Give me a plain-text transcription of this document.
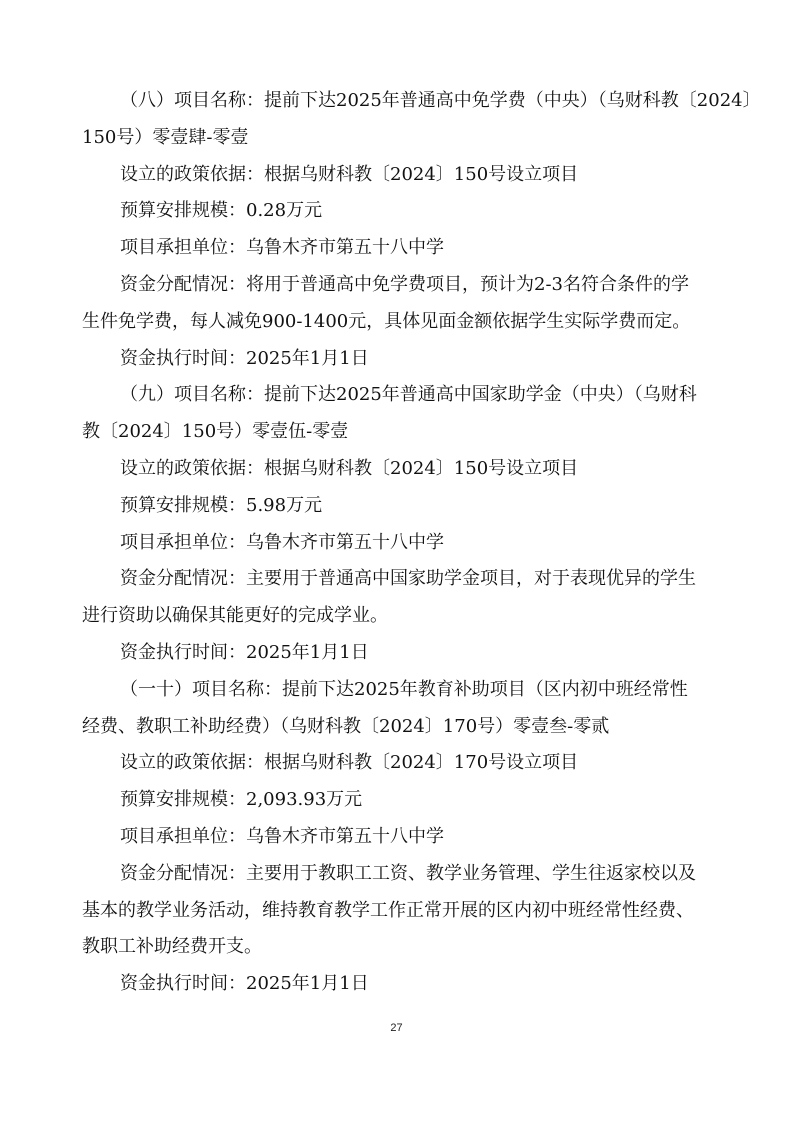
（八）项目名称：提前下达2025年普通高中免学费（中央）（乌财科教〔2024〕
150号）零壹肆-零壹
设立的政策依据：根据乌财科教〔2024〕150号设立项目
预算安排规模：0.28万元
项目承担单位：乌鲁木齐市第五十八中学
资金分配情况：将用于普通高中免学费项目，预计为2-3名符合条件的学
生件免学费，每人减免900-1400元，具体见面金额依据学生实际学费而定。
资金执行时间：2025年1月1日
（九）项目名称：提前下达2025年普通高中国家助学金（中央）（乌财科
教〔2024〕150号）零壹伍-零壹
设立的政策依据：根据乌财科教〔2024〕150号设立项目
预算安排规模：5.98万元
项目承担单位：乌鲁木齐市第五十八中学
资金分配情况：主要用于普通高中国家助学金项目，对于表现优异的学生
进行资助以确保其能更好的完成学业。
资金执行时间：2025年1月1日
（一十）项目名称：提前下达2025年教育补助项目（区内初中班经常性
经费、教职工补助经费）（乌财科教〔2024〕170号）零壹叁-零贰
设立的政策依据：根据乌财科教〔2024〕170号设立项目
预算安排规模：2,093.93万元
项目承担单位：乌鲁木齐市第五十八中学
资金分配情况：主要用于教职工工资、教学业务管理、学生往返家校以及
基本的教学业务活动，维持教育教学工作正常开展的区内初中班经常性经费、
教职工补助经费开支。
资金执行时间：2025年1月1日
27
